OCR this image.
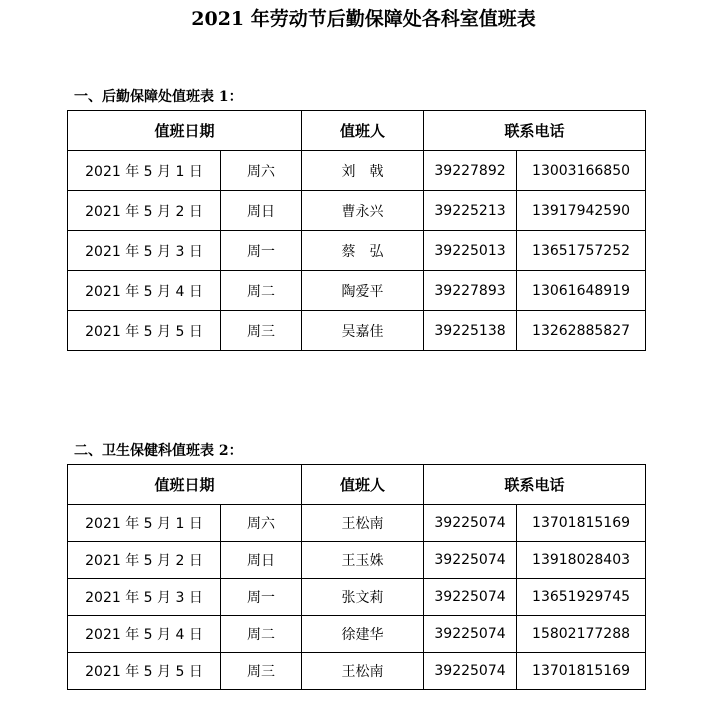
2021 年劳动节后勤保障处各科室值班表
一、后勤保障处值班表 1：
值班日期		值班人	联系电话	
2021 年 5 月 1 日	周六	刘　戟	39227892	13003166850
2021 年 5 月 2 日	周日	曹永兴	39225213	13917942590
2021 年 5 月 3 日	周一	蔡　弘	39225013	13651757252
2021 年 5 月 4 日	周二	陶爱平	39227893	13061648919
2021 年 5 月 5 日	周三	吴嘉佳	39225138	13262885827
二、卫生保健科值班表 2：
值班日期		值班人	联系电话	
2021 年 5 月 1 日	周六	王松南	39225074	13701815169
2021 年 5 月 2 日	周日	王玉姝	39225074	13918028403
2021 年 5 月 3 日	周一	张文莉	39225074	13651929745
2021 年 5 月 4 日	周二	徐建华	39225074	15802177288
2021 年 5 月 5 日	周三	王松南	39225074	13701815169
